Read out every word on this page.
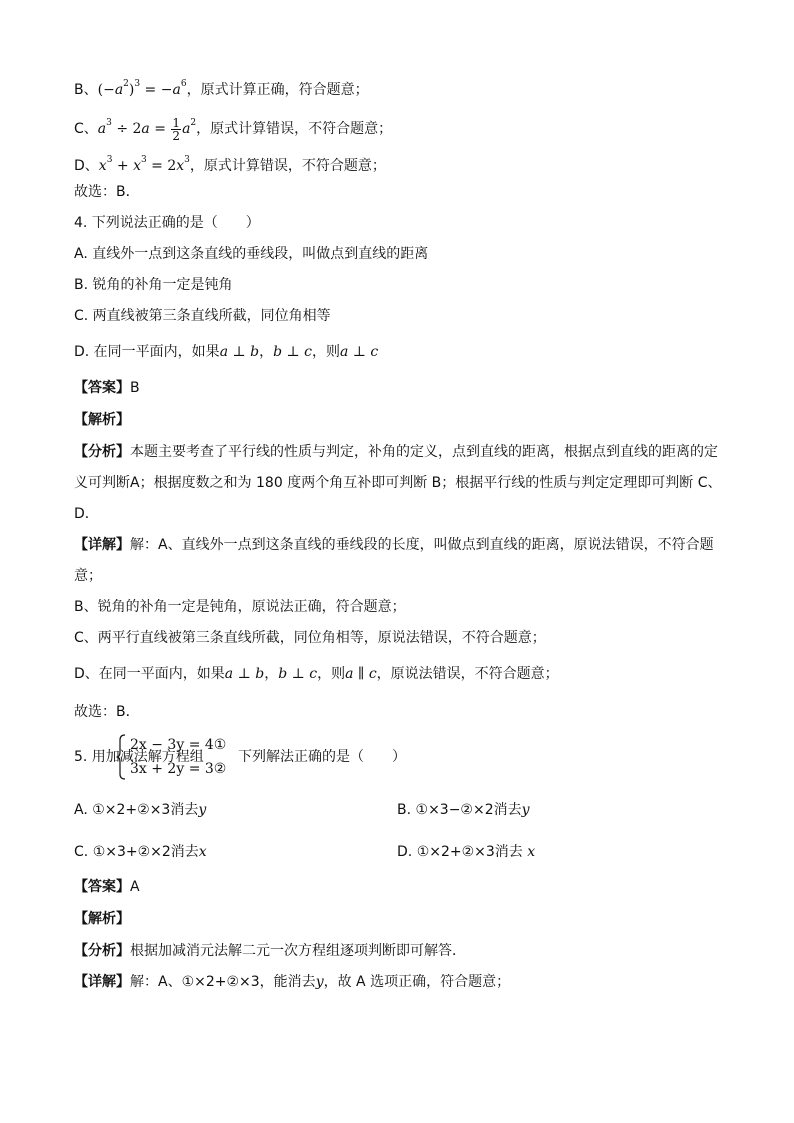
B、$(-a^2)^3 = -a^6$，原式计算正确，符合题意；
C、$a^3 \div 2a = \frac{1}{2} a^2$，原式计算错误，不符合题意；
D、$x^3 + x^3 = 2x^3$，原式计算错误，不符合题意；
故选：B．
4. 下列说法正确的是（　　）
A. 直线外一点到这条直线的垂线段，叫做点到直线的距离
B. 锐角的补角一定是钝角
C. 两直线被第三条直线所截，同位角相等
D. 在同一平面内，如果a ⊥ b，b ⊥ c，则a ⊥ c
【答案】B
【解析】
【分析】本题主要考查了平行线的性质与判定，补角的定义，点到直线的距离，根据点到直线的距离的定
义可判断A；根据度数之和为 180 度两个角互补即可判断 B；根据平行线的性质与判定定理即可判断 C、
D．
【详解】解：A、直线外一点到这条直线的垂线段的长度，叫做点到直线的距离，原说法错误，不符合题
意；
B、锐角的补角一定是钝角，原说法正确，符合题意；
C、两平行直线被第三条直线所截，同位角相等，原说法错误，不符合题意；
D、在同一平面内，如果a ⊥ b，b ⊥ c，则a ∥ c，原说法错误，不符合题意；
故选：B．
5. 用加减法解方程组
2x − 3y = 4①
3x + 2y = 3②
下列解法正确的是（　　）
A. ①×2+②×3消去y	B. ①×3−②×2消去y
C. ①×3+②×2消去x	D. ①×2+②×3消去 x
【答案】A
【解析】
【分析】根据加减消元法解二元一次方程组逐项判断即可解答．
【详解】解：A、①×2+②×3，能消去y，故 A 选项正确，符合题意；
